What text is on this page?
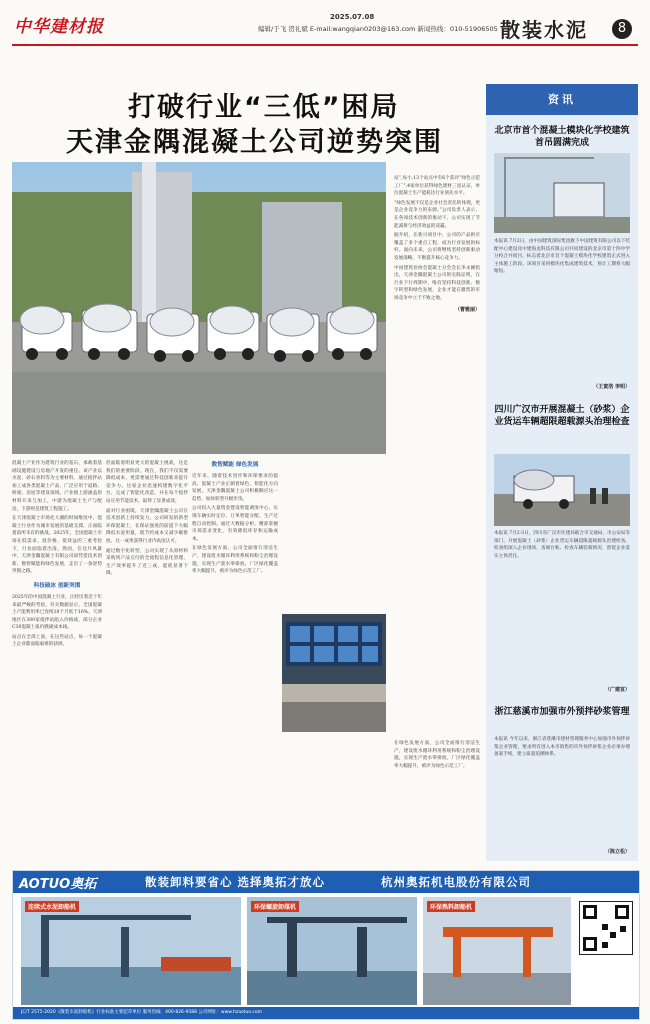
中华建材报	2025.07.08
编辑/于飞 贺礼斌 E-mail:wangqian0203@163.com 新闻热线：010-51906505 散装水泥	8
打破行业“三低”困局
天津金隅混凝土公司逆势突围
混凝土产业作为建筑行业的基石，承载着基础设施建设与房地产开发的重任。该产业以水泥、砂石骨料等为主要材料，通过搅拌站加工成各类混凝土产品，广泛应用于道路、桥梁、房屋等建设领域。产业链上游涵盖原材料开采与加工，中游为混凝土生产与配送，下游则是建筑工程施工。
在天津混凝土市场化大潮的时间维度中，混凝土行业作为城市发展的基础支撑，正面临着前所未有的挑战。2025年，全国混凝土市场在低需求、低价格、低效益的三重考验下，行业面临着出清。然而，在这片风暴中，天津金隅混凝土有限公司却凭借技术创新、数智赋能和绿色发展，走出了一条逆势突围之路。
科技破冰 创新突围
2025年的中国混凝土行业，正经历着近十年来最严峻的考验。有关数据显示，全国混凝土产能利用率已连续18个月低于16%。天津地区在300家搅拌站陷入价格战，部分企业C30混凝土报价跌破成本线。
站点在全部上面，在这些站点，每一个混凝土企业都面临艰难的抉择。
但面临着明显更大的混凝土挑战，这是我们的重要阶段。现在，我们不仅需要降低成本，更需要通过科技创新来提升竞争力。这家企业迅速构建数字化平台，完成了智能化改造，并在每个搅拌站应用节能技术，取得了显著成效。
面对行业困境，天津金隅混凝土公司在技术创新上持续发力。公司研发的新型环保混凝土，在保证强度的前提下大幅降低水泥用量，既节约成本又减少碳排放。这一成果获得行业内高度认可。
通过数字化转型，公司实现了从原材料采购到产品交付的全流程信息化管理，生产效率提升了近三成，能耗显著下降。
数智赋能 绿色发展
近年来，随着技术进步和环保要求的提高，混凝土产业正朝着绿色、智能化方向发展。天津金隅混凝土公司积极顺应这一趋势，加快转型升级步伐。
公司投入大量资金建设智能调度中心，实现车辆实时定位、订单智能分配、生产过程自动控制。通过大数据分析，精准掌握市场需求变化，有效降低库存和运输成本。
在绿色发展方面，公司全面推行清洁生产，建设废水循环利用系统和粉尘治理设施，实现生产废水零排放。厂区绿化覆盖率大幅提升，被评为绿色示范工厂。
站”,每小,13个站点中有6个获评“绿色示范工厂”,4家单位获得绿色建材三星认证，单位混凝土生产能耗达行业领先水平。
“绿色发展不仅是企业社会责任的体现，更是企业竞争力的来源。”公司负责人表示，在各项技术创新的推动下，公司实现了节能减排与经济效益的双赢。
据介绍，在新兴项目中，公司的产品供应覆盖了多个重点工程，成为行业发展的标杆。面向未来，公司将继续坚持创新驱动发展战略，不断提升核心竞争力。
中国建筑业协会混凝土分会会长李永刚指出，天津金隅混凝土公司的实践证明，在行业下行周期中，唯有坚持科技创新、数字转型和绿色发展，企业才能在激烈的市场竞争中立于不败之地。
（曹雅丽）
在绿色发展方面，公司全面推行清洁生产，建设废水循环利用系统和粉尘治理设施，实现生产废水零排放。厂区绿化覆盖率大幅提升，被评为绿色示范工厂。
资讯
北京市首个混凝土模块化学校建筑首吊圆满完成
本报讯 7月2日，由中国建筑国际集团旗下中国建筑有限公司以下装配中心建设及中建海龙科技有限公司共同建设的北京市第十四中学分校合并项目，标志着北京市首个混凝土模块化学校建筑正式进入主体施工阶段。该项目采用模块化集成建筑技术，预计工期将大幅缩短。
（王寅浩 李明）
四川广汉市开展混凝土（砂浆）企业货运车辆超限超载源头治理检查
本报讯 7月2-3日，四川省广汉市住建局联合市交通局、市公安局等部门，开展混凝土（砂浆）企业货运车辆超限超载源头治理检查。检查组深入企业现场，查阅台账、检查车辆装载情况，督促企业落实主体责任。
（广建宣）
浙江慈溪市加强市外预拌砂浆管理
本报讯 今年以来，浙江省慈溪市建材管理服务中心加强市外预拌砂浆企业管理，要求所有进入本市销售的市外预拌砂浆企业必须办理备案手续，建立质量追溯体系。
（陈立松）
AOTUO奥拓	散装卸料要省心 选择奥拓才放心	杭州奥拓机电股份有限公司
连续式水泥卸船机	环保螺旋卸煤机	环保熟料卸船机
JC/T 2575-2020《散装水泥卸船机》行业标准主要起草单位 服务热线：400-826-9588 公司网址：www.hzaotuo.com
